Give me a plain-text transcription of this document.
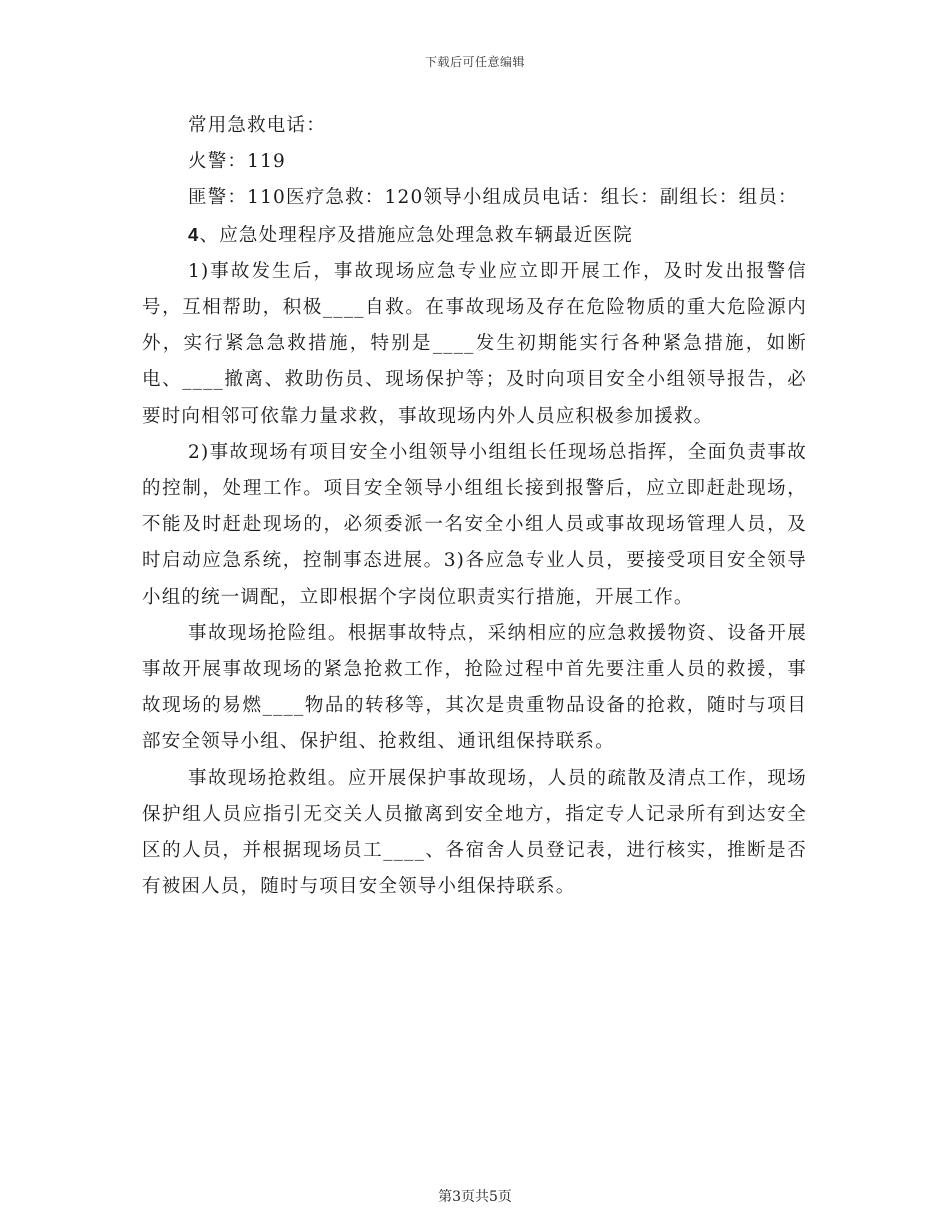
下载后可任意编辑

常用急救电话：

火警：119

匪警：110医疗急救：120领导小组成员电话：组长：副组长：组员：

4、应急处理程序及措施应急处理急救车辆最近医院

1)事故发生后，事故现场应急专业应立即开展工作，及时发出报警信号，互相帮助，积极____自救。在事故现场及存在危险物质的重大危险源内外，实行紧急急救措施，特别是____发生初期能实行各种紧急措施，如断电、____撤离、救助伤员、现场保护等；及时向项目安全小组领导报告，必要时向相邻可依靠力量求救，事故现场内外人员应积极参加援救。

2)事故现场有项目安全小组领导小组组长任现场总指挥，全面负责事故的控制，处理工作。项目安全领导小组组长接到报警后，应立即赶赴现场，不能及时赶赴现场的，必须委派一名安全小组人员或事故现场管理人员，及时启动应急系统，控制事态进展。3)各应急专业人员，要接受项目安全领导小组的统一调配，立即根据个字岗位职责实行措施，开展工作。

事故现场抢险组。根据事故特点，采纳相应的应急救援物资、设备开展事故开展事故现场的紧急抢救工作，抢险过程中首先要注重人员的救援，事故现场的易燃____物品的转移等，其次是贵重物品设备的抢救，随时与项目部安全领导小组、保护组、抢救组、通讯组保持联系。

事故现场抢救组。应开展保护事故现场，人员的疏散及清点工作，现场保护组人员应指引无交关人员撤离到安全地方，指定专人记录所有到达安全区的人员，并根据现场员工____、各宿舍人员登记表，进行核实，推断是否有被困人员，随时与项目安全领导小组保持联系。

第3页共5页
